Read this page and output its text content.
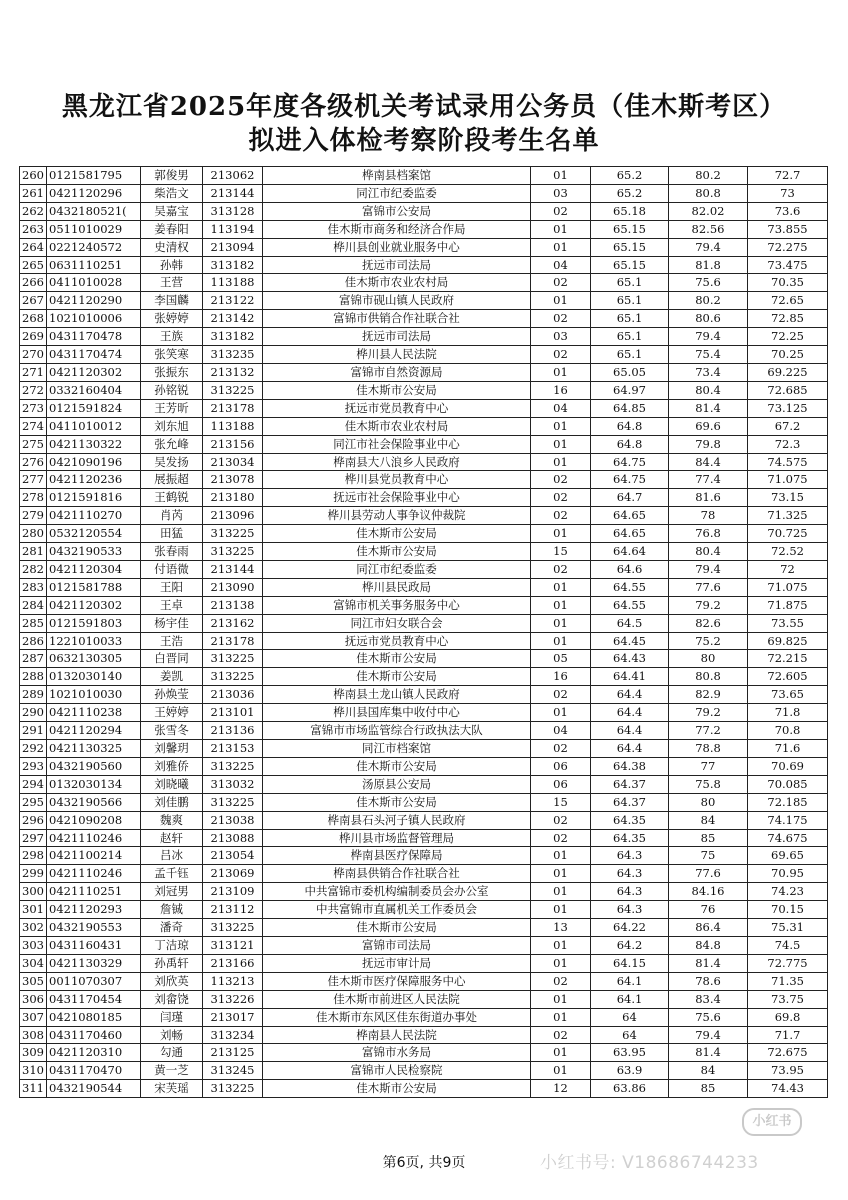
黑龙江省2025年度各级机关考试录用公务员（佳木斯考区）
拟进入体检考察阶段考生名单
260	0121581795	郭俊男	213062	桦南县档案馆	01	65.2	80.2	72.7
261	0421120296	柴浩文	213144	同江市纪委监委	03	65.2	80.8	73
262	0432180521(	吴嘉宝	313128	富锦市公安局	02	65.18	82.02	73.6
263	0511010029	姜春阳	113194	佳木斯市商务和经济合作局	01	65.15	82.56	73.855
264	0221240572	史清权	213094	桦川县创业就业服务中心	01	65.15	79.4	72.275
265	0631110251	孙韩	313182	抚远市司法局	04	65.15	81.8	73.475
266	0411010028	王营	113188	佳木斯市农业农村局	02	65.1	75.6	70.35
267	0421120290	李国麟	213122	富锦市砚山镇人民政府	01	65.1	80.2	72.65
268	1021010006	张婷婷	213142	富锦市供销合作社联合社	02	65.1	80.6	72.85
269	0431170478	王族	313182	抚远市司法局	03	65.1	79.4	72.25
270	0431170474	张笑寒	313235	桦川县人民法院	02	65.1	75.4	70.25
271	0421120302	张振东	213132	富锦市自然资源局	01	65.05	73.4	69.225
272	0332160404	孙铭锐	313225	佳木斯市公安局	16	64.97	80.4	72.685
273	0121591824	王芳昕	213178	抚远市党员教育中心	04	64.85	81.4	73.125
274	0411010012	刘东旭	113188	佳木斯市农业农村局	01	64.8	69.6	67.2
275	0421130322	张允峰	213156	同江市社会保险事业中心	01	64.8	79.8	72.3
276	0421090196	吴发扬	213034	桦南县大八浪乡人民政府	01	64.75	84.4	74.575
277	0421120236	展振超	213078	桦川县党员教育中心	02	64.75	77.4	71.075
278	0121591816	王鹤锐	213180	抚远市社会保险事业中心	02	64.7	81.6	73.15
279	0421110270	肖芮	213096	桦川县劳动人事争议仲裁院	02	64.65	78	71.325
280	0532120554	田猛	313225	佳木斯市公安局	01	64.65	76.8	70.725
281	0432190533	张春雨	313225	佳木斯市公安局	15	64.64	80.4	72.52
282	0421120304	付语微	213144	同江市纪委监委	02	64.6	79.4	72
283	0121581788	王阳	213090	桦川县民政局	01	64.55	77.6	71.075
284	0421120302	王卓	213138	富锦市机关事务服务中心	01	64.55	79.2	71.875
285	0121591803	杨宇佳	213162	同江市妇女联合会	01	64.5	82.6	73.55
286	1221010033	王浩	213178	抚远市党员教育中心	01	64.45	75.2	69.825
287	0632130305	白晋同	313225	佳木斯市公安局	05	64.43	80	72.215
288	0132030140	姜凯	313225	佳木斯市公安局	16	64.41	80.8	72.605
289	1021010030	孙焕莹	213036	桦南县土龙山镇人民政府	02	64.4	82.9	73.65
290	0421110238	王婷婷	213101	桦川县国库集中收付中心	01	64.4	79.2	71.8
291	0421120294	张雪冬	213136	富锦市市场监管综合行政执法大队	04	64.4	77.2	70.8
292	0421130325	刘馨玥	213153	同江市档案馆	02	64.4	78.8	71.6
293	0432190560	刘雅侨	313225	佳木斯市公安局	06	64.38	77	70.69
294	0132030134	刘晓曦	313032	汤原县公安局	06	64.37	75.8	70.085
295	0432190566	刘佳鹏	313225	佳木斯市公安局	15	64.37	80	72.185
296	0421090208	魏爽	213038	桦南县石头河子镇人民政府	02	64.35	84	74.175
297	0421110246	赵轩	213088	桦川县市场监督管理局	02	64.35	85	74.675
298	0421100214	吕冰	213054	桦南县医疗保障局	01	64.3	75	69.65
299	0421110246	孟千钰	213069	桦南县供销合作社联合社	01	64.3	77.6	70.95
300	0421110251	刘冠男	213109	中共富锦市委机构编制委员会办公室	01	64.3	84.16	74.23
301	0421120293	詹铖	213112	中共富锦市直属机关工作委员会	01	64.3	76	70.15
302	0432190553	潘奇	313225	佳木斯市公安局	13	64.22	86.4	75.31
303	0431160431	丁洁琼	313121	富锦市司法局	01	64.2	84.8	74.5
304	0421130329	孙禹轩	213166	抚远市审计局	01	64.15	81.4	72.775
305	0011070307	刘欣英	113213	佳木斯市医疗保障服务中心	02	64.1	78.6	71.35
306	0431170454	刘畲饶	313226	佳木斯市前进区人民法院	01	64.1	83.4	73.75
307	0421080185	闫瑾	213017	佳木斯市东风区佳东街道办事处	01	64	75.6	69.8
308	0431170460	刘畅	313234	桦南县人民法院	02	64	79.4	71.7
309	0421120310	勾通	213125	富锦市水务局	01	63.95	81.4	72.675
310	0431170470	黄一芝	313245	富锦市人民检察院	01	63.9	84	73.95
311	0432190544	宋芙瑶	313225	佳木斯市公安局	12	63.86	85	74.43
第6页, 共9页
小红书
小红书号: V18686744233
